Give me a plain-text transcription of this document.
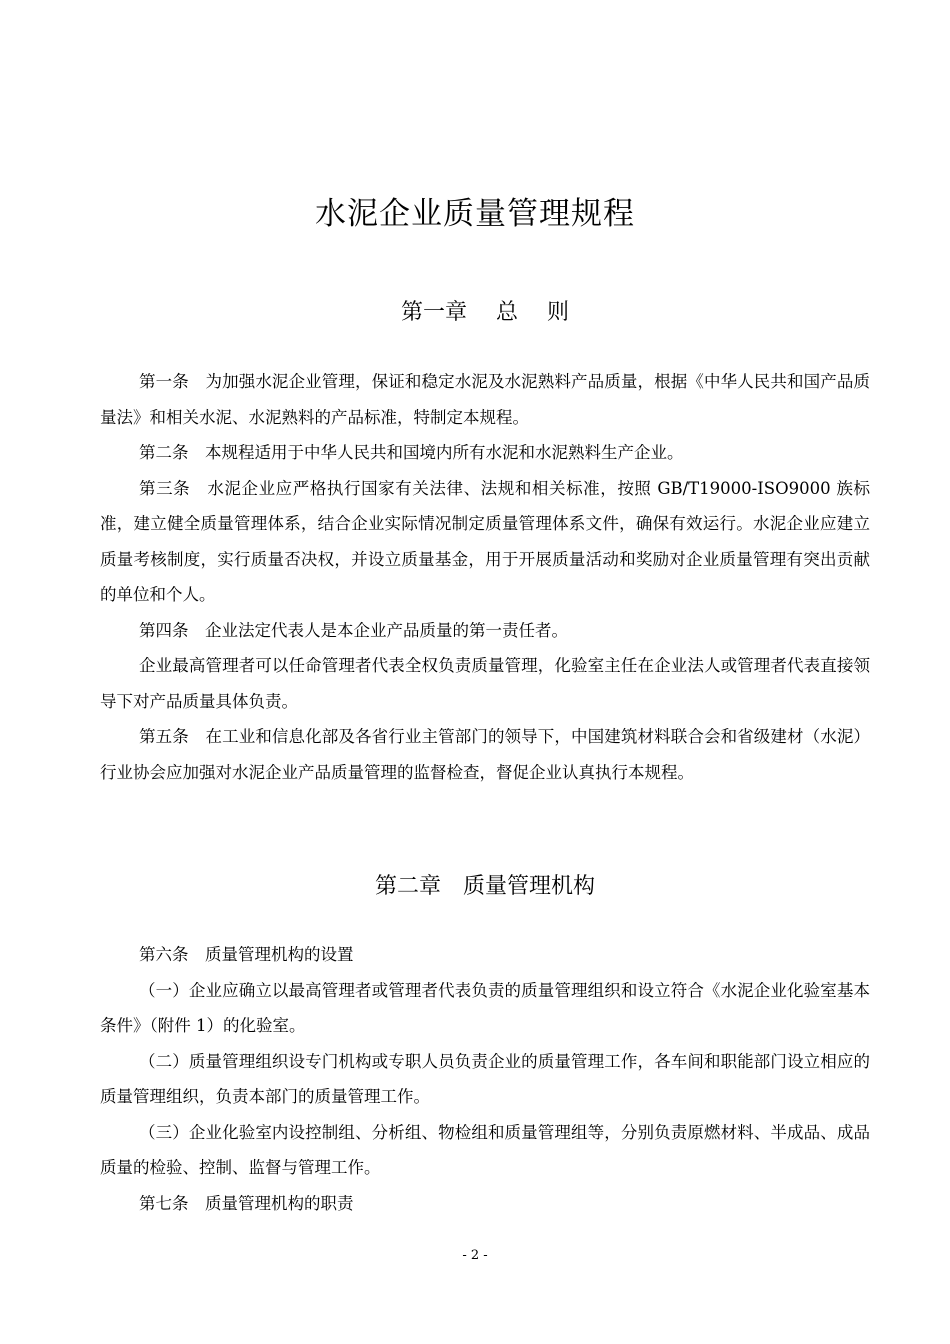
水泥企业质量管理规程
第一章　 总　 则

第一条　为加强水泥企业管理，保证和稳定水泥及水泥熟料产品质量，根据《中华人民共和国产品质量法》和相关水泥、水泥熟料的产品标准，特制定本规程。

第二条　本规程适用于中华人民共和国境内所有水泥和水泥熟料生产企业。

第三条　水泥企业应严格执行国家有关法律、法规和相关标准，按照 GB/T19000-ISO9000 族标准，建立健全质量管理体系，结合企业实际情况制定质量管理体系文件，确保有效运行。水泥企业应建立质量考核制度，实行质量否决权，并设立质量基金，用于开展质量活动和奖励对企业质量管理有突出贡献的单位和个人。

第四条　企业法定代表人是本企业产品质量的第一责任者。

企业最高管理者可以任命管理者代表全权负责质量管理，化验室主任在企业法人或管理者代表直接领导下对产品质量具体负责。

第五条　在工业和信息化部及各省行业主管部门的领导下，中国建筑材料联合会和省级建材（水泥）行业协会应加强对水泥企业产品质量管理的监督检查，督促企业认真执行本规程。

第二章　质量管理机构

第六条　质量管理机构的设置

（一）企业应确立以最高管理者或管理者代表负责的质量管理组织和设立符合《水泥企业化验室基本条件》（附件 1）的化验室。

（二）质量管理组织设专门机构或专职人员负责企业的质量管理工作，各车间和职能部门设立相应的质量管理组织，负责本部门的质量管理工作。

（三）企业化验室内设控制组、分析组、物检组和质量管理组等，分别负责原燃材料、半成品、成品质量的检验、控制、监督与管理工作。

第七条　质量管理机构的职责

- 2 -
